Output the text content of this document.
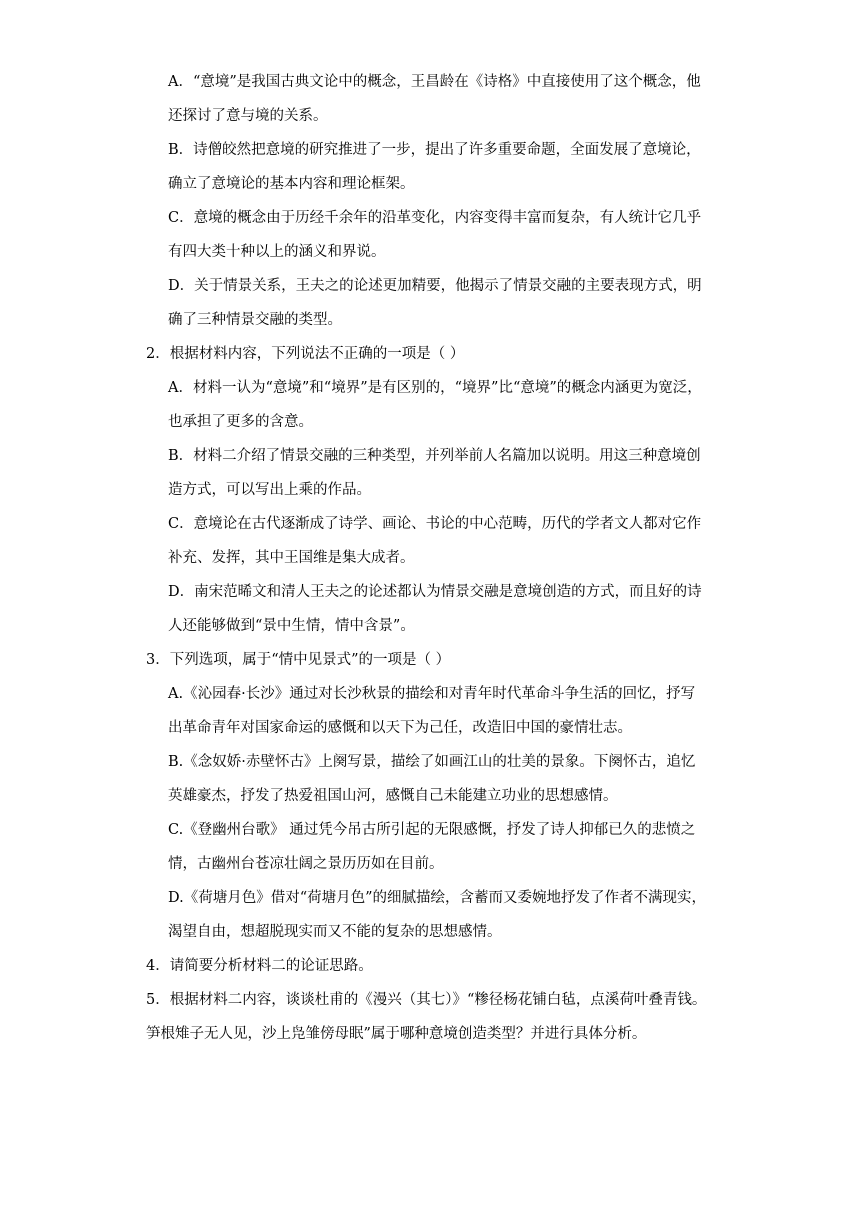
A．“意境”是我国古典文论中的概念，王昌龄在《诗格》中直接使用了这个概念，他
还探讨了意与境的关系。
B．诗僧皎然把意境的研究推进了一步，提出了许多重要命题，全面发展了意境论，
确立了意境论的基本内容和理论框架。
C．意境的概念由于历经千余年的沿革变化，内容变得丰富而复杂，有人统计它几乎
有四大类十种以上的涵义和界说。
D．关于情景关系，王夫之的论述更加精要，他揭示了情景交融的主要表现方式，明
确了三种情景交融的类型。
2．根据材料内容，下列说法不正确的一项是（ ）
A．材料一认为“意境”和“境界”是有区别的，“境界”比“意境”的概念内涵更为宽泛，
也承担了更多的含意。
B．材料二介绍了情景交融的三种类型，并列举前人名篇加以说明。用这三种意境创
造方式，可以写出上乘的作品。
C．意境论在古代逐渐成了诗学、画论、书论的中心范畴，历代的学者文人都对它作
补充、发挥，其中王国维是集大成者。
D．南宋范晞文和清人王夫之的论述都认为情景交融是意境创造的方式，而且好的诗
人还能够做到“景中生情，情中含景”。
3．下列选项，属于“情中见景式”的一项是（ ）
A.《沁园春·长沙》通过对长沙秋景的描绘和对青年时代革命斗争生活的回忆，抒写
出革命青年对国家命运的感慨和以天下为己任，改造旧中国的豪情壮志。
B.《念奴娇·赤壁怀古》上阕写景，描绘了如画江山的壮美的景象。下阕怀古，追忆
英雄豪杰，抒发了热爱祖国山河，感慨自己未能建立功业的思想感情。
C.《登幽州台歌》 通过凭今吊古所引起的无限感慨，抒发了诗人抑郁已久的悲愤之
情，古幽州台苍凉壮阔之景历历如在目前。
D.《荷塘月色》借对“荷塘月色”的细腻描绘，含蓄而又委婉地抒发了作者不满现实，
渴望自由，想超脱现实而又不能的复杂的思想感情。
4．请简要分析材料二的论证思路。
5．根据材料二内容，谈谈杜甫的《漫兴（其七）》“糁径杨花铺白毡，点溪荷叶叠青钱。
笋根雉子无人见，沙上凫雏傍母眠”属于哪种意境创造类型？并进行具体分析。
